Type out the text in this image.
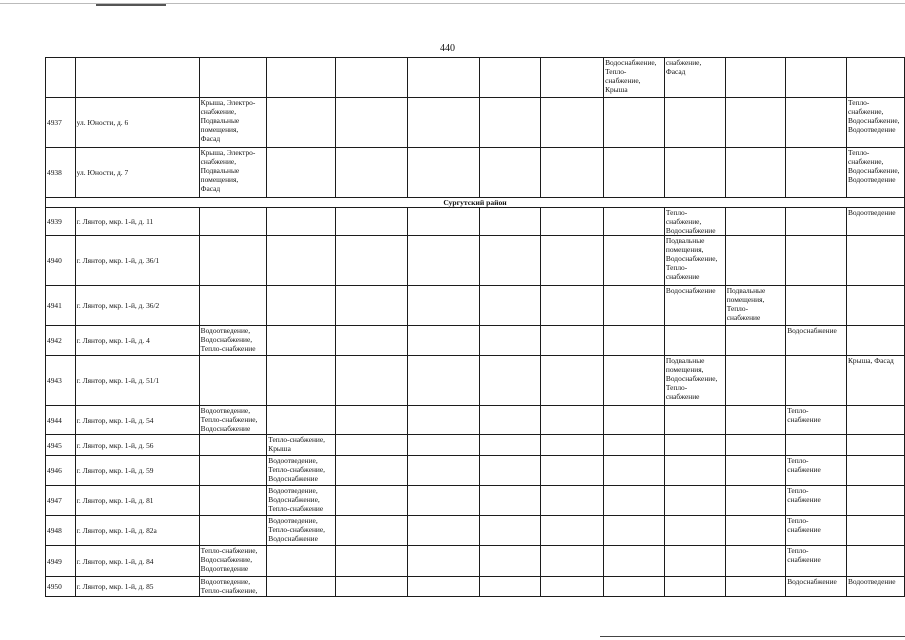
440
								Водоснабжение,
Тепло-
снабжение,
Крыша	снабжение,
Фасад			
4937	ул. Юности, д. 6	Крыша, Электро-
снабжение,
Подвальные
помещения,
Фасад										Тепло-
снабжение,
Водоснабжение,
Водоотведение
4938	ул. Юности, д. 7	Крыша, Электро-
снабжение,
Подвальные
помещения,
Фасад										Тепло-
снабжение,
Водоснабжение,
Водоотведение
Сургутский район												
4939	г. Лянтор, мкр. 1-й, д. 11								Тепло-
снабжение,
Водоснабжение			Водоотведение
4940	г. Лянтор, мкр. 1-й, д. 36/1								Подвальные
помещения,
Водоснабжение,
Тепло-
снабжение			
4941	г. Лянтор, мкр. 1-й, д. 36/2								Водоснабжение	Подвальные
помещения,
Тепло-
снабжение		
4942	г. Лянтор, мкр. 1-й, д. 4	Водоотведение,
Водоснабжение,
Тепло-снабжение									Водоснабжение	
4943	г. Лянтор, мкр. 1-й, д. 51/1								Подвальные
помещения,
Водоснабжение,
Тепло-
снабжение			Крыша, Фасад
4944	г. Лянтор, мкр. 1-й, д. 54	Водоотведение,
Тепло-снабжение,
Водоснабжение									Тепло-
снабжение	
4945	г. Лянтор, мкр. 1-й, д. 56		Тепло-снабжение,
Крыша									
4946	г. Лянтор, мкр. 1-й, д. 59		Водоотведение,
Тепло-снабжение,
Водоснабжение								Тепло-
снабжение	
4947	г. Лянтор, мкр. 1-й, д. 81		Водоотведение,
Водоснабжение,
Тепло-снабжение								Тепло-
снабжение	
4948	г. Лянтор, мкр. 1-й, д. 82а		Водоотведение,
Тепло-снабжение,
Водоснабжение								Тепло-
снабжение	
4949	г. Лянтор, мкр. 1-й, д. 84	Тепло-снабжение,
Водоснабжение,
Водоотведение									Тепло-
снабжение	
4950	г. Лянтор, мкр. 1-й, д. 85	Водоотведение,
Тепло-снабжение,									Водоснабжение	Водоотведение
